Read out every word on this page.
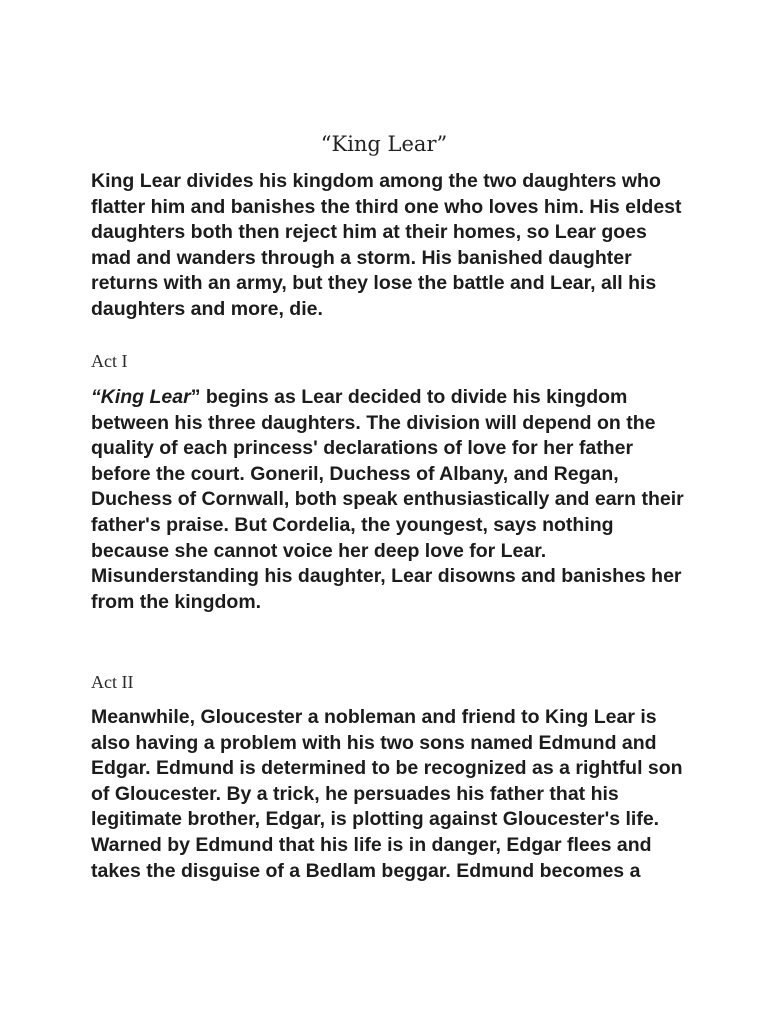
“King Lear”

King Lear divides his kingdom among the two daughters who flatter him and banishes the third one who loves him. His eldest daughters both then reject him at their homes, so Lear goes mad and wanders through a storm. His banished daughter returns with an army, but they lose the battle and Lear, all his daughters and more, die.

Act I

“King Lear” begins as Lear decided to divide his kingdom between his three daughters. The division will depend on the quality of each princess' declarations of love for her father before the court. Goneril, Duchess of Albany, and Regan, Duchess of Cornwall, both speak enthusiastically and earn their father's praise. But Cordelia, the youngest, says nothing because she cannot voice her deep love for Lear. Misunderstanding his daughter, Lear disowns and banishes her from the kingdom.

Act II

Meanwhile, Gloucester a nobleman and friend to King Lear is also having a problem with his two sons named Edmund and Edgar. Edmund is determined to be recognized as a rightful son of Gloucester. By a trick, he persuades his father that his legitimate brother, Edgar, is plotting against Gloucester's life. Warned by Edmund that his life is in danger, Edgar flees and takes the disguise of a Bedlam beggar. Edmund becomes a
